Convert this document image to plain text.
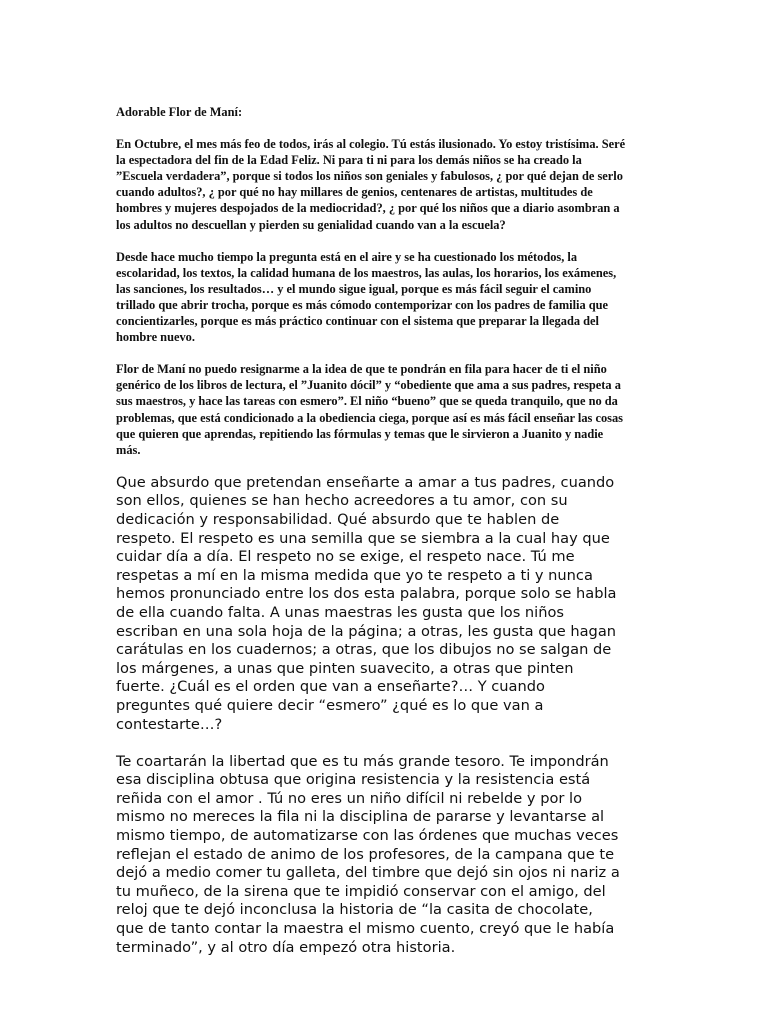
Adorable Flor de Maní:

En Octubre, el mes más feo de todos, irás al colegio. Tú estás ilusionado. Yo estoy tristísima. Seré
la espectadora del fin de la Edad Feliz. Ni para ti ni para los demás niños se ha creado la
”Escuela verdadera”, porque si todos los niños son geniales y fabulosos, ¿ por qué dejan de serlo
cuando adultos?, ¿ por qué no hay millares de genios, centenares de artistas, multitudes de
hombres y mujeres despojados de la mediocridad?, ¿ por qué los niños que a diario asombran a
los adultos no descuellan y pierden su genialidad cuando van a la escuela?

Desde hace mucho tiempo la pregunta está en el aire y se ha cuestionado los métodos, la
escolaridad, los textos, la calidad humana de los maestros, las aulas, los horarios, los exámenes,
las sanciones, los resultados… y el mundo sigue igual, porque es más fácil seguir el camino
trillado que abrir trocha, porque es más cómodo contemporizar con los padres de familia que
concientizarles, porque es más práctico continuar con el sistema que preparar la llegada del
hombre nuevo.

Flor de Maní no puedo resignarme a la idea de que te pondrán en fila para hacer de ti el niño
genérico de los libros de lectura, el ”Juanito dócil” y “obediente que ama a sus padres, respeta a
sus maestros, y hace las tareas con esmero”. El niño “bueno” que se queda tranquilo, que no da
problemas, que está condicionado a la obediencia ciega, porque así es más fácil enseñar las cosas
que quieren que aprendas, repitiendo las fórmulas y temas que le sirvieron a Juanito y nadie
más.

Que absurdo que pretendan enseñarte a amar a tus padres, cuando
son ellos, quienes se han hecho acreedores a tu amor, con su
dedicación y responsabilidad. Qué absurdo que te hablen de
respeto. El respeto es una semilla que se siembra a la cual hay que
cuidar día a día. El respeto no se exige, el respeto nace. Tú me
respetas a mí en la misma medida que yo te respeto a ti y nunca
hemos pronunciado entre los dos esta palabra, porque solo se habla
de ella cuando falta. A unas maestras les gusta que los niños
escriban en una sola hoja de la página; a otras, les gusta que hagan
carátulas en los cuadernos; a otras, que los dibujos no se salgan de
los márgenes, a unas que pinten suavecito, a otras que pinten
fuerte. ¿Cuál es el orden que van a enseñarte?… Y cuando
preguntes qué quiere decir “esmero” ¿qué es lo que van a
contestarte…?

Te coartarán la libertad que es tu más grande tesoro. Te impondrán
esa disciplina obtusa que origina resistencia y la resistencia está
reñida con el amor . Tú no eres un niño difícil ni rebelde y por lo
mismo no mereces la fila ni la disciplina de pararse y levantarse al
mismo tiempo, de automatizarse con las órdenes que muchas veces
reflejan el estado de animo de los profesores, de la campana que te
dejó a medio comer tu galleta, del timbre que dejó sin ojos ni nariz a
tu muñeco, de la sirena que te impidió conservar con el amigo, del
reloj que te dejó inconclusa la historia de “la casita de chocolate,
que de tanto contar la maestra el mismo cuento, creyó que le había
terminado”, y al otro día empezó otra historia.
